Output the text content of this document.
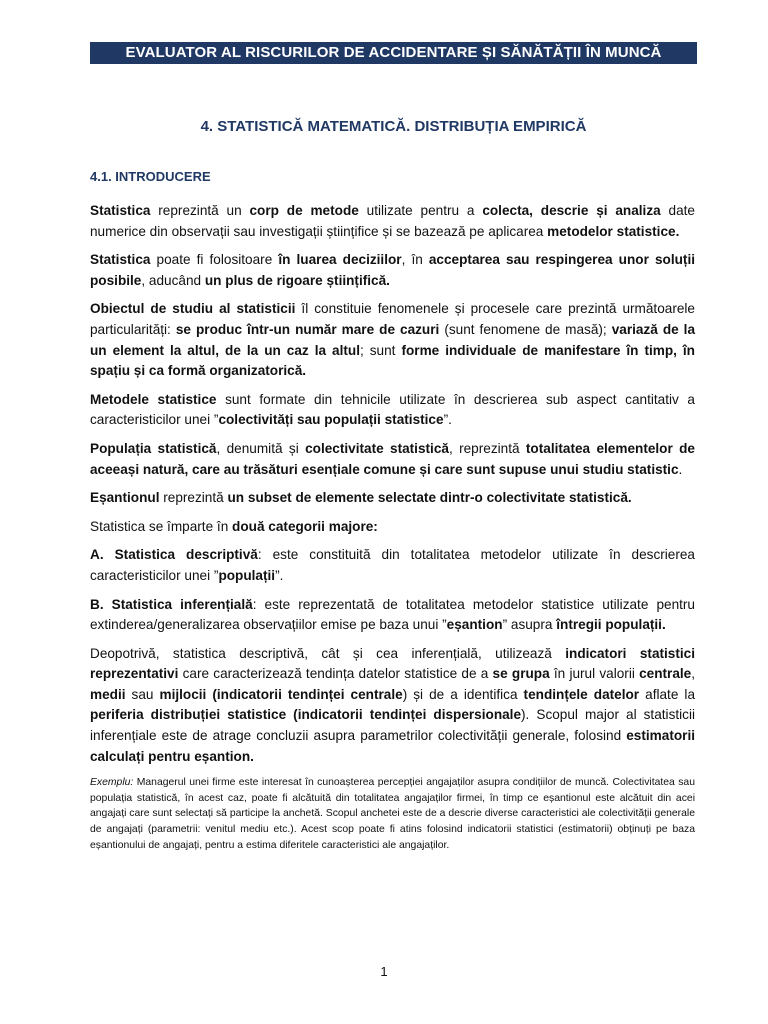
EVALUATOR AL RISCURILOR DE ACCIDENTARE ȘI SĂNĂTĂȚII ÎN MUNCĂ
4. STATISTICĂ MATEMATICĂ. DISTRIBUȚIA EMPIRICĂ
4.1. INTRODUCERE

Statistica reprezintă un corp de metode utilizate pentru a colecta, descrie și analiza date numerice din observații sau investigații științifice și se bazează pe aplicarea metodelor statistice.

Statistica poate fi folositoare în luarea deciziilor, în acceptarea sau respingerea unor soluții posibile, aducând un plus de rigoare științifică.

Obiectul de studiu al statisticii îl constituie fenomenele și procesele care prezintă următoarele particularități: se produc într-un număr mare de cazuri (sunt fenomene de masă); variază de la un element la altul, de la un caz la altul; sunt forme individuale de manifestare în timp, în spațiu și ca formă organizatorică.

Metodele statistice sunt formate din tehnicile utilizate în descrierea sub aspect cantitativ a caracteristicilor unei ”colectivități sau populații statistice”.

Populația statistică, denumită și colectivitate statistică, reprezintă totalitatea elementelor de aceeași natură, care au trăsături esențiale comune și care sunt supuse unui studiu statistic.

Eșantionul reprezintă un subset de elemente selectate dintr-o colectivitate statistică.

Statistica se împarte în două categorii majore:

A. Statistica descriptivă: este constituită din totalitatea metodelor utilizate în descrierea caracteristicilor unei ”populații”.

B. Statistica inferențială: este reprezentată de totalitatea metodelor statistice utilizate pentru extinderea/generalizarea observațiilor emise pe baza unui ”eșantion” asupra întregii populații.

Deopotrivă, statistica descriptivă, cât și cea inferențială, utilizează indicatori statistici reprezentativi care caracterizează tendința datelor statistice de a se grupa în jurul valorii centrale, medii sau mijlocii (indicatorii tendinței centrale) și de a identifica tendințele datelor aflate la periferia distribuției statistice (indicatorii tendinței dispersionale). Scopul major al statisticii inferențiale este de atrage concluzii asupra parametrilor colectivității generale, folosind estimatorii calculați pentru eșantion.

Exemplu: Managerul unei firme este interesat în cunoașterea percepției angajaților asupra condițiilor de muncă. Colectivitatea sau populația statistică, în acest caz, poate fi alcătuită din totalitatea angajaților firmei, în timp ce eșantionul este alcătuit din acei angajați care sunt selectați să participe la anchetă. Scopul anchetei este de a descrie diverse caracteristici ale colectivității generale de angajați (parametrii: venitul mediu etc.). Acest scop poate fi atins folosind indicatorii statistici (estimatorii) obținuți pe baza eșantionului de angajați, pentru a estima diferitele caracteristici ale angajaților.

1
